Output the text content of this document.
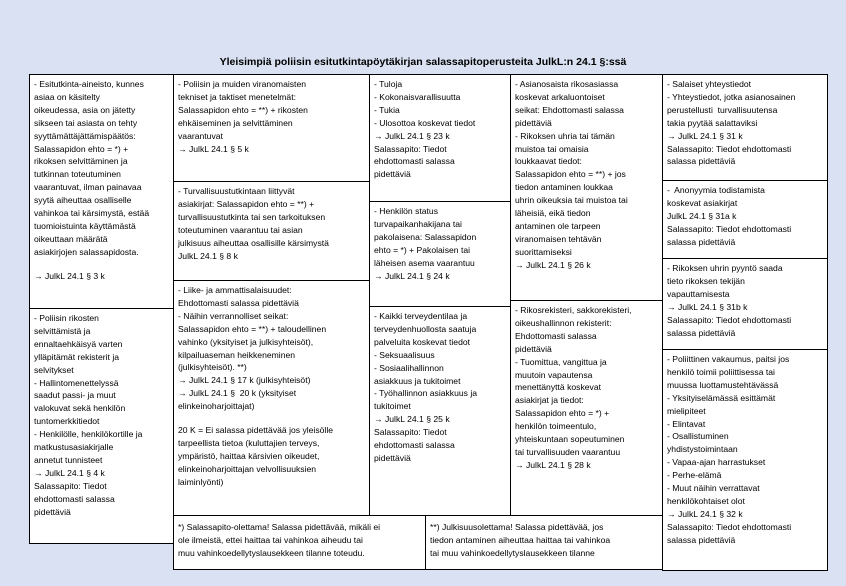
Yleisimpiä poliisin esitutkintapöytäkirjan salassapitoperusteita JulkL:n 24.1 §:ssä
- Esitutkinta-aineisto, kunnes
asiaa on käsitelty
oikeudessa, asia on jätetty
sikseen tai asiasta on tehty
syyttämättäjättämispäätös:
Salassapidon ehto = *) +
rikoksen selvittäminen ja
tutkinnan toteutuminen
vaarantuvat, ilman painavaa
syytä aiheuttaa osalliselle
vahinkoa tai kärsimystä, estää
tuomioistuinta käyttämästä
oikeuttaan määrätä
asiakirjojen salassapidosta.
→ JulkL 24.1 § 3 k
- Poliisin rikosten
selvittämistä ja
ennaltaehkäisyä varten
ylläpitämät rekisterit ja
selvitykset
- Hallintomenettelyssä
saadut passi- ja muut
valokuvat sekä henkilön
tuntomerkkitiedot
- Henkilölle, henkilökortille ja
matkustusasiakirjalle
annetut tunnisteet
→ JulkL 24.1 § 4 k
Salassapito: Tiedot
ehdottomasti salassa
pidettäviä
- Poliisin ja muiden viranomaisten
tekniset ja taktiset menetelmät:
Salassapidon ehto = **) + rikosten
ehkäiseminen ja selvittäminen
vaarantuvat
→ JulkL 24.1 § 5 k
- Turvallisuustutkintaan liittyvät
asiakirjat: Salassapidon ehto = **) +
turvallisuustutkinta tai sen tarkoituksen
toteutuminen vaarantuu tai asian
julkisuus aiheuttaa osallisille kärsimystä
JulkL 24.1 § 8 k
- Liike- ja ammattisalaisuudet:
Ehdottomasti salassa pidettäviä
- Näihin verrannolliset seikat:
Salassapidon ehto = **) + taloudellinen
vahinko (yksityiset ja julkisyhteisöt),
kilpailuaseman heikkeneminen
(julkisyhteisöt). **)
→ JulkL 24.1 § 17 k (julkisyhteisöt)
→ JulkL 24.1 §  20 k (yksityiset
elinkeinoharjoittajat)
20 K = Ei salassa pidettävää jos yleisölle
tarpeellista tietoa (kuluttajien terveys,
ympäristö, haittaa kärsivien oikeudet,
elinkeinoharjoittajan velvollisuuksien
laiminlyönti)
- Tuloja
- Kokonaisvarallisuutta
- Tukia
- Ulosottoa koskevat tiedot
→ JulkL 24.1 § 23 k
Salassapito: Tiedot
ehdottomasti salassa
pidettäviä
- Henkilön status
turvapaikanhakijana tai
pakolaisena: Salassapidon
ehto = *) + Pakolaisen tai
läheisen asema vaarantuu
→ JulkL 24.1 § 24 k
- Kaikki terveydentilaa ja
terveydenhuollosta saatuja
palveluita koskevat tiedot
- Seksuaalisuus
- Sosiaalihallinnon
asiakkuus ja tukitoimet
- Työhallinnon asiakkuus ja
tukitoimet
→ JulkL 24.1 § 25 k
Salassapito: Tiedot
ehdottomasti salassa
pidettäviä
- Asianosaista rikosasiassa
koskevat arkaluontoiset
seikat: Ehdottomasti salassa
pidettäviä
- Rikoksen uhria tai tämän
muistoa tai omaisia
loukkaavat tiedot:
Salassapidon ehto = **) + jos
tiedon antaminen loukkaa
uhrin oikeuksia tai muistoa tai
läheisiä, eikä tiedon
antaminen ole tarpeen
viranomaisen tehtävän
suorittamiseksi
→ JulkL 24.1 § 26 k
- Rikosrekisteri, sakkorekisteri,
oikeushallinnon rekisterit:
Ehdottomasti salassa
pidettäviä
- Tuomittua, vangittua ja
muutoin vapautensa
menettänyttä koskevat
asiakirjat ja tiedot:
Salassapidon ehto = *) +
henkilön toimeentulo,
yhteiskuntaan sopeutuminen
tai turvallisuuden vaarantuu
→ JulkL 24.1 § 28 k
- Salaiset yhteystiedot
- Yhteystiedot, jotka asianosainen
perustellusti  turvallisuutensa
takia pyytää salattaviksi
→ JulkL 24.1 § 31 k
Salassapito: Tiedot ehdottomasti
salassa pidettäviä
-  Anonyymia todistamista
koskevat asiakirjat
JulkL 24.1 § 31a k
Salassapito: Tiedot ehdottomasti
salassa pidettäviä
- Rikoksen uhrin pyyntö saada
tieto rikoksen tekijän
vapauttamisesta
→ JulkL 24.1 § 31b k
Salassapito: Tiedot ehdottomasti
salassa pidettäviä
- Poliittinen vakaumus, paitsi jos
henkilö toimii poliittisessa tai
muussa luottamustehtävässä
- Yksityiselämässä esittämät
mielipiteet
- Elintavat
- Osallistuminen
yhdistystoimintaan
- Vapaa-ajan harrastukset
- Perhe-elämä
- Muut näihin verrattavat
henkilökohtaiset olot
→ JulkL 24.1 § 32 k
Salassapito: Tiedot ehdottomasti
salassa pidettäviä
*) Salassapito-olettama! Salassa pidettävää, mikäli ei
ole ilmeistä, ettei haittaa tai vahinkoa aiheudu tai
muu vahinkoedellytyslausekkeen tilanne toteudu.
**) Julkisuusolettama! Salassa pidettävää, jos
tiedon antaminen aiheuttaa haittaa tai vahinkoa
tai muu vahinkoedellytyslausekkeen tilanne
